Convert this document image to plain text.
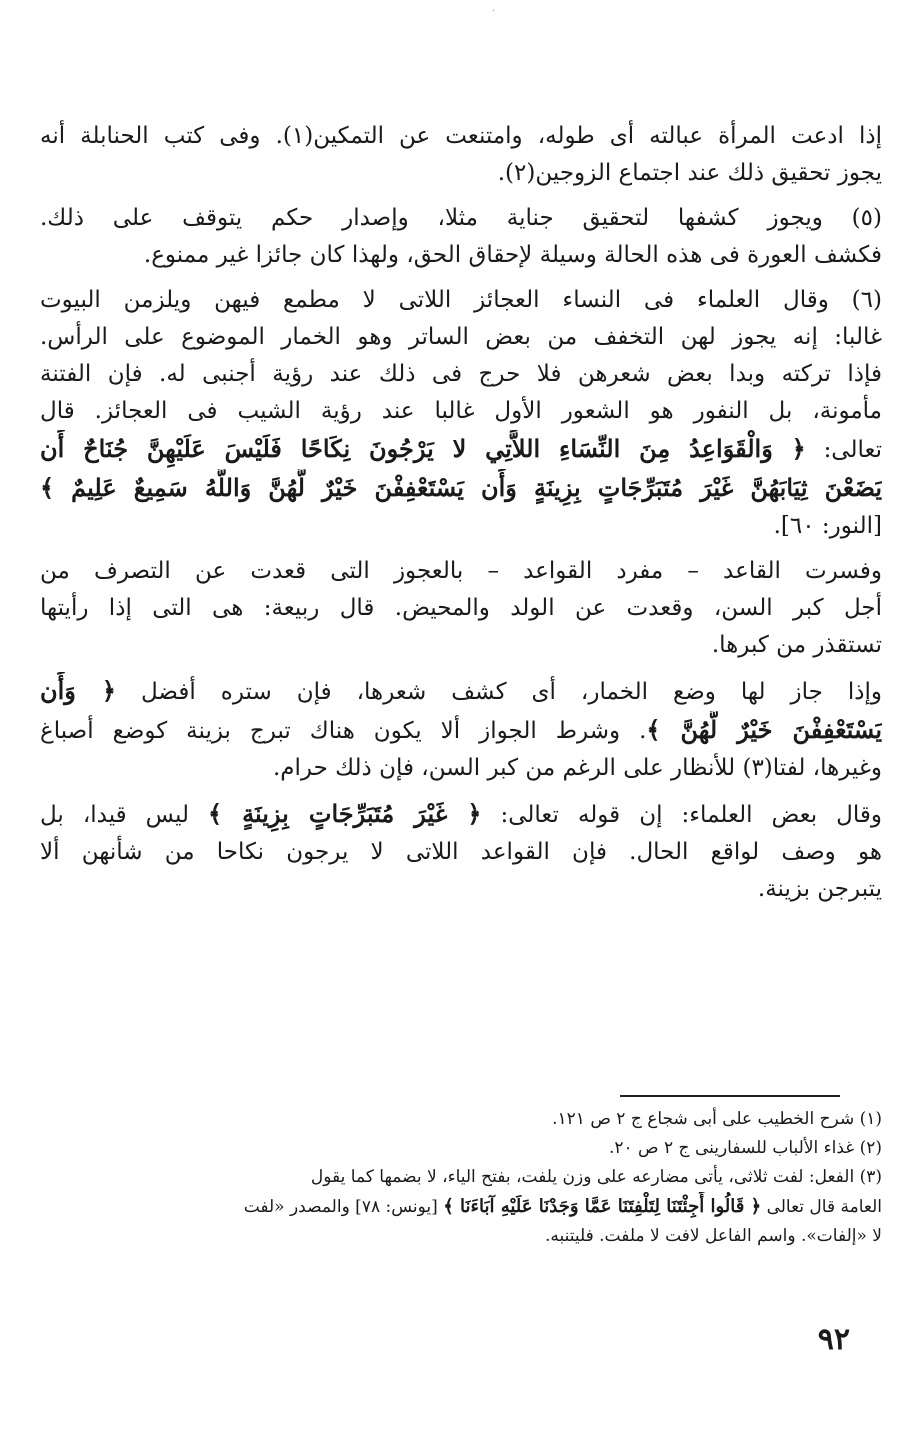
·

إذا ادعت المرأة عبالته أى طوله، وامتنعت عن التمكين(١). وفى كتب الحنابلة أنه
يجوز تحقيق ذلك عند اجتماع الزوجين(٢).

(٥) ويجوز كشفها لتحقيق جناية مثلا، وإصدار حكم يتوقف على ذلك.
فكشف العورة فى هذه الحالة وسيلة لإحقاق الحق، ولهذا كان جائزا غير ممنوع.

(٦) وقال العلماء فى النساء العجائز اللاتى لا مطمع فيهن ويلزمن البيوت
غالبا: إنه يجوز لهن التخفف من بعض الساتر وهو الخمار الموضوع على الرأس.
فإذا تركته وبدا بعض شعرهن فلا حرج فى ذلك عند رؤية أجنبى له. فإن الفتنة
مأمونة، بل النفور هو الشعور الأول غالبا عند رؤية الشيب فى العجائز. قال
تعالى: ﴿ وَالْقَوَاعِدُ مِنَ النِّسَاءِ اللاَّتِي لا يَرْجُونَ نِكَاحًا فَلَيْسَ عَلَيْهِنَّ جُنَاحٌ أَن
يَضَعْنَ ثِيَابَهُنَّ غَيْرَ مُتَبَرِّجَاتٍ بِزِينَةٍ وَأَن يَسْتَعْفِفْنَ خَيْرٌ لَّهُنَّ وَاللَّهُ سَمِيعٌ عَلِيمٌ ﴾
[النور: ٦٠].

وفسرت القاعد – مفرد القواعد – بالعجوز التى قعدت عن التصرف من
أجل كبر السن، وقعدت عن الولد والمحيض. قال ربيعة: هى التى إذا رأيتها
تستقذر من كبرها.

وإذا جاز لها وضع الخمار، أى كشف شعرها، فإن ستره أفضل ﴿ وَأَن
يَسْتَعْفِفْنَ خَيْرٌ لَّهُنَّ ﴾. وشرط الجواز ألا يكون هناك تبرج بزينة كوضع أصباغ
وغيرها، لفتا(٣) للأنظار على الرغم من كبر السن، فإن ذلك حرام.

وقال بعض العلماء: إن قوله تعالى: ﴿ غَيْرَ مُتَبَرِّجَاتٍ بِزِينَةٍ ﴾ ليس قيدا، بل
هو وصف لواقع الحال. فإن القواعد اللاتى لا يرجون نكاحا من شأنهن ألا
يتبرجن بزينة.

(١) شرح الخطيب على أبى شجاع ج ٢ ص ١٢١.
(٢) غذاء الألباب للسفارينى ج ٢ ص ٢٠.
(٣) الفعل: لفت ثلاثى، يأتى مضارعه على وزن يلفت، بفتح الياء، لا بضمها كما يقول
العامة قال تعالى ﴿ قَالُوا أَجِئْتَنَا لِتَلْفِتَنَا عَمَّا وَجَدْنَا عَلَيْهِ آبَاءَنَا ﴾ [يونس: ٧٨] والمصدر «لفت
لا «إلفات». واسم الفاعل لافت لا ملفت. فليتنبه.
٩٢
